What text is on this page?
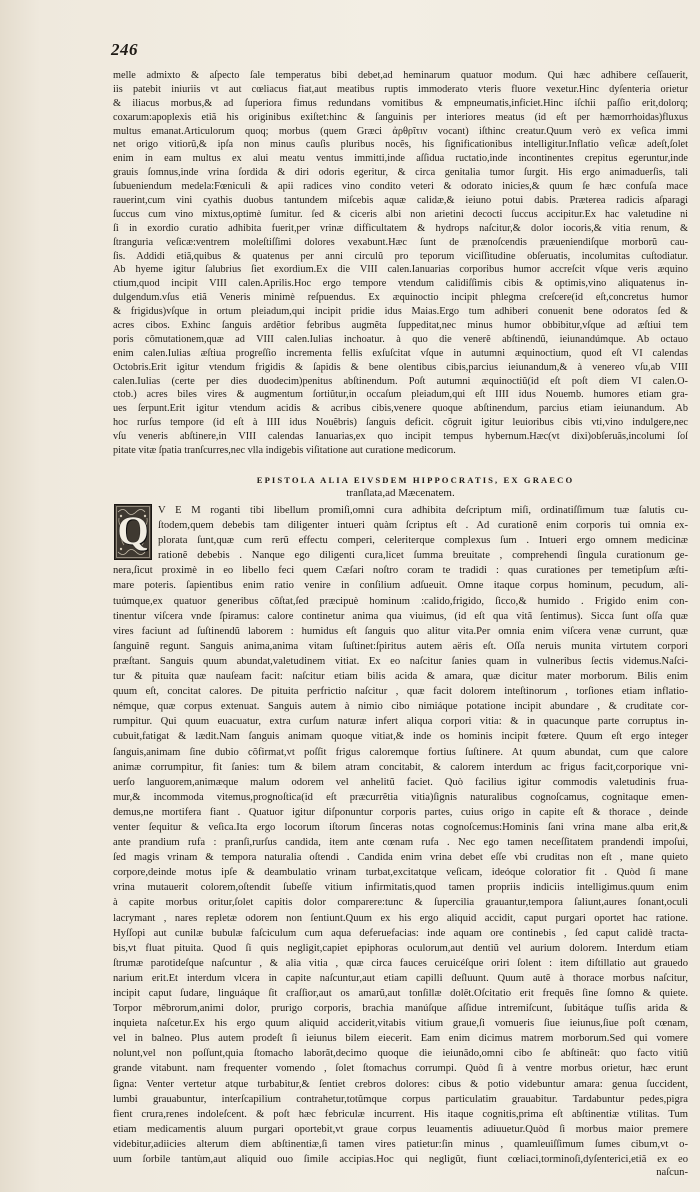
246
melle admixto & aſpecto ſale temperatus bibi debet,ad heminarum quatuor modum. Qui hæc adhibere ceſſauerit,
iis patebit iniuriis vt aut cœliacus fiat,aut meatibus ruptis immoderato vteris fluore vexetur.Hinc dyſenteria orietur
& iliacus morbus,& ad ſuperiora fimus redundans vomitibus & empneumatis,inficiet.Hinc iſchii paſſio erit,dolorq;
coxarum:apoplexis etiã his originibus exiſtet:hinc & ſanguinis per interiores meatus (id eſt per hæmorrhoidas)fluxus
multus emanat.Articulorum quoq; morbus (quem Græci ἀρθρῖτιν vocant) iſthinc creatur.Quum verò ex veſica immi
net origo vitiorũ,& ipſa non minus cauſis pluribus nocẽs, his ſignificationibus intelligitur.Inflatio veſicæ adeſt,ſolet
enim in eam multus ex alui meatu ventus immitti,inde aſſidua ructatio,inde incontinentes crepitus egeruntur,inde
grauis ſomnus,inde vrina ſordida & diri odoris egeritur, & circa genitalia tumor ſurgit. His ergo animaduerſis, tali
ſubueniendum medela:Fœniculi & apii radices vino condito veteri & odorato inicies,& quum ſe hæc confuſa mace
rauerint,cum vini cyathis duobus tantundem miſcebis aquæ calidæ,& ieiuno potui dabis. Præterea radicis aſparagi
ſuccus cum vino mixtus,optimè ſumitur. ſed & ciceris albi non arietini decocti ſuccus accipitur.Ex hac valetudine ni
ſi in exordio curatio adhibita fuerit,per vrinæ difficultatem & hydrops naſcitur,& dolor iocoris,& vitia renum, &
ſtranguria veſicæ:ventrem moleſtiſſimi dolores vexabunt.Hæc ſunt de prænoſcendis præueniendiſque morborũ cau-
ſis. Addidi etiã,quibus & quatenus per anni circulũ pro teporum viciſſitudine obſeruatis, incolumitas cuſtodiatur.
Ab hyeme igitur ſalubrius ſiet exordium.Ex die VIII calen.Ianuarias corporibus humor accreſcit vſque veris æquino
ctium,quod incipit VIII calen.Aprilis.Hoc ergo tempore vtendum calidiſſimis cibis & optimis,vino aliquatenus in-
dulgendum.vſus etiã Veneris minimè reſpuendus. Ex æquinoctio incipit phlegma creſcere(id eſt,concretus humor
& frigidus)vſque in ortum pleiadum,qui incipit pridie idus Maias.Ergo tum adhiberi conuenit bene odoratos ſed &
acres cibos. Exhinc ſanguis ardẽtior febribus augmẽta ſuppeditat,nec minus humor obbibitur,vſque ad æſtiui tem
poris cõmutationem,quæ ad VIII calen.Iulias inchoatur. à quo die venerẽ abſtinendũ, ieiunandúmque. Ab octauo
enim calen.Iulias æſtiua progreſſio incrementa fellis exſuſcitat vſque in autumni æquinoctium, quod eſt VI calendas
Octobris.Erit igitur vtendum frigidis & ſapidis & bene olentibus cibis,parcius ieiunandum,& à venereo vſu,ab VIII
calen.Iulias (certe per dies duodecim)penitus abſtinendum. Poſt autumni æquinoctiũ(id eſt poſt diem VI calen.O-
ctob.) acres biles vires & augmentum ſortiũtur,in occaſum pleiadum,qui eſt IIII idus Nouemb. humores etiam gra-
ues ſerpunt.Erit igitur vtendum acidis & acribus cibis,venere quoque abſtinendum, parcius etiam ieiunandum. Ab
hoc rurſus tempore (id eſt à IIII idus Nouẽbris) ſanguis deficit. cõgruit igitur leuioribus cibis vti,vino indulgere,nec
vſu veneris abſtinere,in VIII calendas Ianuarias,ex quo incipit tempus hybernum.Hæc(vt dixi)obſeruãs,incolumi ſoſ
pitate vitæ ſpatia tranſcurres,nec vlla indigebis viſitatione aut curatione medicorum.
EPISTOLA ALIA EIVSDEM HIPPOCRATIS, EX GRAECO
tranſlata,ad Mæcenatem.
Q V E M roganti tibi libellum promiſi,omni cura adhibita deſcriptum miſi, ordinatiſſimum tuæ ſalutis cu-
ſtodem,quem debebis tam diligenter intueri quàm ſcriptus eſt . Ad curationẽ enim corporis tui omnia ex-
plorata ſunt,quæ cum rerũ effectu comperi, celeriterque complexus ſum . Intueri ergo omnem medicinæ
rationẽ debebis . Nanque ego diligenti cura,licet ſumma breuitate , comprehendi ſingula curationum ge-
nera,ſicut proximè in eo libello feci quem Cæſari noſtro coram te tradidi : quas curationes per temetipſum æſti-
mare poteris. ſapientibus enim ratio venire in conſilium adſueuit. Omne itaque corpus hominum, pecudum, ali-
tuúmque,ex quatuor generibus cõſtat,ſed præcipuè hominum :calido,frigido, ſicco,& humido . Frigido enim con-
tinentur viſcera vnde ſpiramus: calore continetur anima qua viuimus, (id eſt qua vitã ſentimus). Sicca ſunt oſſa quæ
vires faciunt ad ſuſtinendũ laborem : humidus eſt ſanguis quo alitur vita.Per omnia enim viſcera venæ currunt, quæ
ſanguinẽ regunt. Sanguis anima,anima vitam ſuſtinet:ſpiritus autem aëris eſt. Oſſa neruis munita virtutem corpori
præſtant. Sanguis quum abundat,valetudinem vitiat. Ex eo naſcitur ſanies quam in vulneribus ſectis videmus.Naſci-
tur & pituita quæ nauſeam facit: naſcitur etiam bilis acida & amara, quæ dicitur mater morborum. Bilis enim
quum eſt, concitat calores. De pituita perfrictio naſcitur , quæ facit dolorem inteſtinorum , torſiones etiam inflatio-
némque, quæ corpus extenuat. Sanguis autem à nimio cibo nimiáque potatione incipit abundare , & cruditate cor-
rumpitur. Qui quum euacuatur, extra curſum naturæ infert aliqua corpori vitia: & in quacunque parte corruptus in-
cubuit,fatigat & lædit.Nam ſanguis animam quoque vitiat,& inde os hominis incipit fœtere. Quum eſt ergo integer
ſanguis,animam ſine dubio cõfirmat,vt poſſit frigus caloremque fortius ſuſtinere. At quum abundat, cum que calore
animæ corrumpitur, fit ſanies: tum & bilem atram concitabit, & calorem interdum ac frigus facit,corporique vni-
uerſo languorem,animæque malum odorem vel anhelitũ faciet. Quò facilius igitur commodis valetudinis frua-
mur,& incommoda vitemus,prognoſtica(id eſt præcurrẽtia vitia)ſignis naturalibus cognoſcamus, cognitaque emen-
demus,ne mortifera fiant . Quatuor igitur diſponuntur corporis partes, cuius origo in capite eſt & thorace , deinde
venter ſequitur & veſica.Ita ergo locorum iſtorum ſinceras notas cognoſcemus:Hominis ſani vrina mane alba erit,&
ante prandium rufa : pranſi,rurſus candida, item ante cœnam rufa . Nec ego tamen neceſſitatem prandendi impoſui,
ſed magis vrinam & tempora naturalia oſtendi . Candida enim vrina debet eſſe vbi cruditas non eſt , mane quieto
corpore,deinde motus ipſe & deambulatio vrinam turbat,excitatque veſicam, ideóque coloratior fit . Quòd ſi mane
vrina mutauerit colorem,oſtendit ſubeſſe vitium infirmitatis,quod tamen propriis indiciis intelligimus.quum enim
à capite morbus oritur,ſolet capitis dolor comparere:tunc & ſupercilia grauantur,tempora ſaliunt,aures ſonant,oculi
lacrymant , nares repletæ odorem non ſentiunt.Quum ex his ergo aliquid accidit, caput purgari oportet hac ratione.
Hyſſopi aut cunilæ bubulæ faſciculum cum aqua deferuefacias: inde aquam ore continebis , ſed caput calidè tracta-
bis,vt fluat pituita. Quod ſi quis negligit,capiet epiphoras oculorum,aut dentiũ vel aurium dolorem. Interdum etiam
ſtrumæ parotideſque naſcuntur , & alia vitia , quæ circa fauces ceruicéſque oriri ſolent : item diſtillatio aut grauedo
narium erit.Et interdum vlcera in capite naſcuntur,aut etiam capilli deſluunt. Quum autẽ à thorace morbus naſcitur,
incipit caput ſudare, linguáque ſit craſſior,aut os amarũ,aut tonſillæ dolẽt.Oſcitatio erit frequẽs ſine ſomno & quiete.
Torpor mẽbrorum,animi dolor, prurigo corporis, brachia manúſque aſſidue intremiſcunt, ſubitáque tuſſis arida &
inquieta naſcetur.Ex his ergo quum aliquid acciderit,vitabis vitium graue,ſi vomueris ſiue ieiunus,ſiue poſt cœnam,
vel in balneo. Plus autem prodeſt ſi ieiunus bilem eiecerit. Eam enim dicimus matrem morborum.Sed qui vomere
nolunt,vel non poſſunt,quia ſtomacho laborãt,decimo quoque die ieiunãdo,omni cibo ſe abſtineãt: quo facto vitiũ
grande vitabunt. nam frequenter vomendo , ſolet ſtomachus corrumpi. Quòd ſi à ventre morbus orietur, hæc erunt
ſigna: Venter vertetur atque turbabitur,& ſentiet crebros dolores: cibus & potio videbuntur amara: genua ſuccident,
lumbi grauabuntur, interſcapilium contrahetur,totũmque corpus particulatim grauabitur. Tardabuntur pedes,pigra
fient crura,renes indoleſcent. & poſt hæc febriculæ incurrent. His itaque cognitis,prima eſt abſtinentiæ vtilitas. Tum
etiam medicamentis aluum purgari oportebit,vt graue corpus leuamentis adiuuetur.Quòd ſi morbus maior premere
videbitur,adiicies alterum diem abſtinentiæ,ſi tamen vires patietur:ſin minus , quamleuiſſimum ſumes cibum,vt o-
uum ſorbile tantùm,aut aliquid ouo ſimile accipias.Hoc qui negligũt, fiunt cœliaci,torminoſi,dyſenterici,etiã ex eo
naſcun-
